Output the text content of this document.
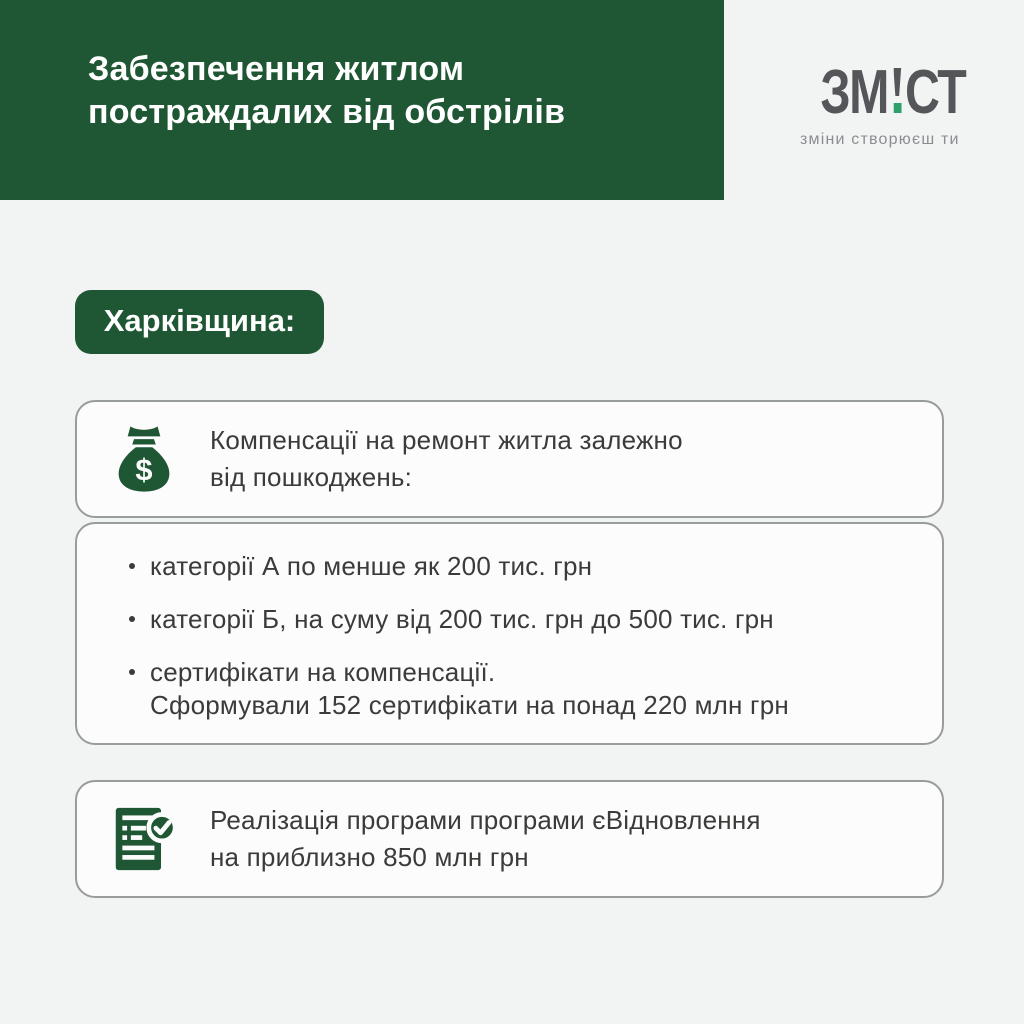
Забезпечення житлом
постраждалих від обстрілів	ЗМ СТ
зміни створюєш ти
Харківщина:
$
Компенсації на ремонт житла залежно
від пошкоджень:
категорії А по менше як 200 тис. грн
категорії Б, на суму від 200 тис. грн до 500 тис. грн
сертифікати на компенсації.
Сформували 152 сертифікати на понад 220 млн грн
Реалізація програми програми єВідновлення
на приблизно 850 млн грн
